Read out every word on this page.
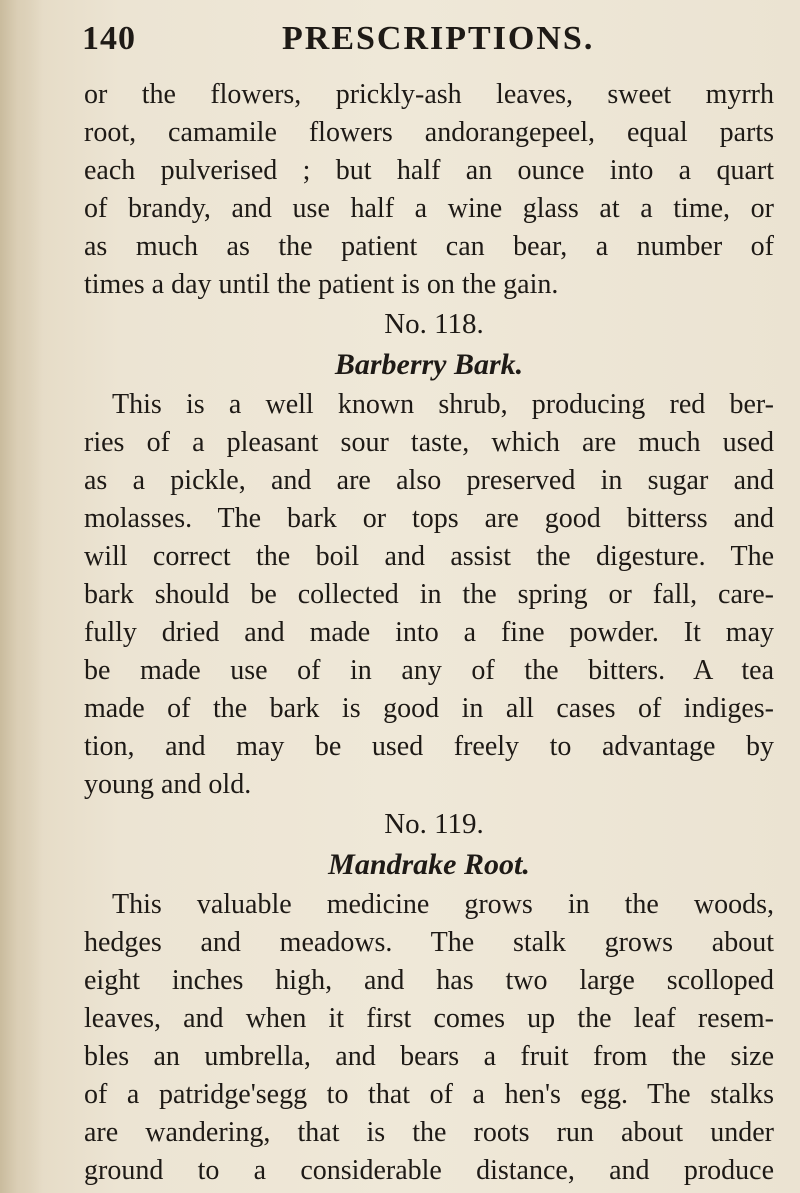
140	PRESCRIPTIONS.
or the flowers, prickly-ash leaves, sweet myrrh
root, camamile flowers andorangepeel, equal parts
each pulverised ; but half an ounce into a quart
of brandy, and use half a wine glass at a time, or
as much as the patient can bear, a number of
times a day until the patient is on the gain.
No. 118.
Barberry Bark.
This is a well known shrub, producing red ber-
ries of a pleasant sour taste, which are much used
as a pickle, and are also preserved in sugar and
molasses. The bark or tops are good bitterss and
will correct the boil and assist the digesture. The
bark should be collected in the spring or fall, care-
fully dried and made into a fine powder. It may
be made use of in any of the bitters. A tea
made of the bark is good in all cases of indiges-
tion, and may be used freely to advantage by
young and old.
No. 119.
Mandrake Root.
This valuable medicine grows in the woods,
hedges and meadows. The stalk grows about
eight inches high, and has two large scolloped
leaves, and when it first comes up the leaf resem-
bles an umbrella, and bears a fruit from the size
of a patridge'segg to that of a hen's egg. The stalks
are wandering, that is the roots run about under
ground to a considerable distance, and produce
